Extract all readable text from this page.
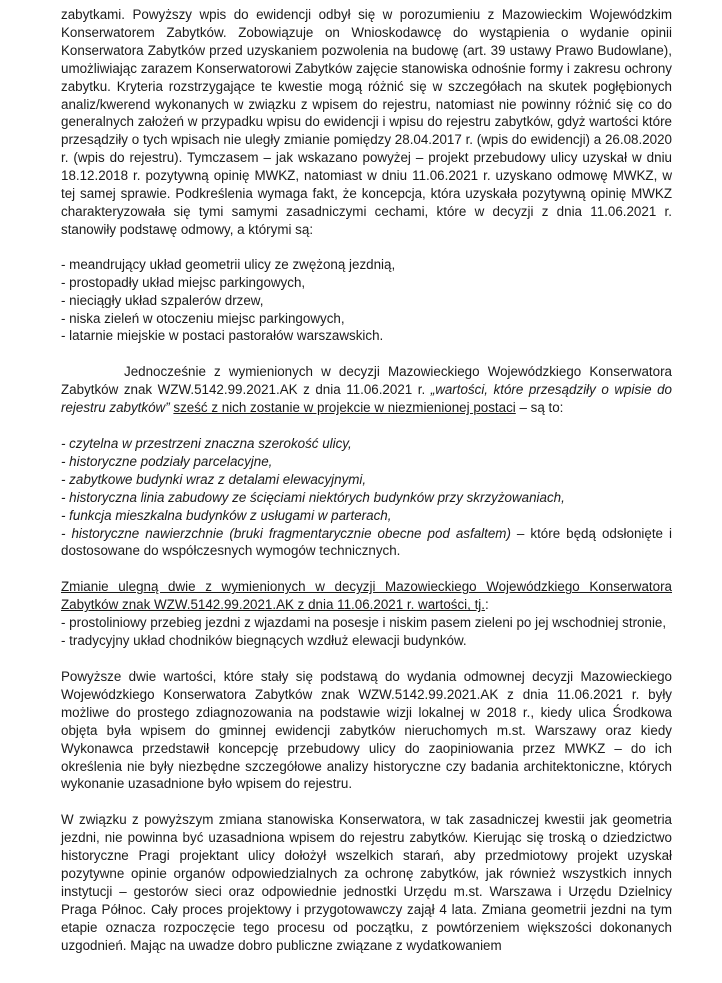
zabytkami. Powyższy wpis do ewidencji odbył się w porozumieniu z Mazowieckim Wojewódzkim Konserwatorem Zabytków. Zobowiązuje on Wnioskodawcę do wystąpienia o wydanie opinii Konserwatora Zabytków przed uzyskaniem pozwolenia na budowę (art. 39 ustawy Prawo Budowlane), umożliwiając zarazem Konserwatorowi Zabytków zajęcie stanowiska odnośnie formy i zakresu ochrony zabytku. Kryteria rozstrzygające te kwestie mogą różnić się w szczegółach na skutek pogłębionych analiz/kwerend wykonanych w związku z wpisem do rejestru, natomiast nie powinny różnić się co do generalnych założeń w przypadku wpisu do ewidencji i wpisu do rejestru zabytków, gdyż wartości które przesądziły o tych wpisach nie uległy zmianie pomiędzy 28.04.2017 r. (wpis do ewidencji) a 26.08.2020 r. (wpis do rejestru). Tymczasem – jak wskazano powyżej – projekt przebudowy ulicy uzyskał w dniu 18.12.2018 r. pozytywną opinię MWKZ, natomiast w dniu 11.06.2021 r. uzyskano odmowę MWKZ, w tej samej sprawie. Podkreślenia wymaga fakt, że koncepcja, która uzyskała pozytywną opinię MWKZ charakteryzowała się tymi samymi zasadniczymi cechami, które w decyzji z dnia 11.06.2021 r. stanowiły podstawę odmowy, a którymi są:

- meandrujący układ geometrii ulicy ze zwężoną jezdnią,
- prostopadły układ miejsc parkingowych,
- nieciągły układ szpalerów drzew,
- niska zieleń w otoczeniu miejsc parkingowych,
- latarnie miejskie w postaci pastorałów warszawskich.

Jednocześnie z wymienionych w decyzji Mazowieckiego Wojewódzkiego Konserwatora Zabytków znak WZW.5142.99.2021.AK z dnia 11.06.2021 r. „wartości, które przesądziły o wpisie do rejestru zabytków” sześć z nich zostanie w projekcie w niezmienionej postaci – są to:

- czytelna w przestrzeni znaczna szerokość ulicy,
- historyczne podziały parcelacyjne,
- zabytkowe budynki wraz z detalami elewacyjnymi,
- historyczna linia zabudowy ze ścięciami niektórych budynków przy skrzyżowaniach,
- funkcja mieszkalna budynków z usługami w parterach,

- historyczne nawierzchnie (bruki fragmentarycznie obecne pod asfaltem) – które będą odsłonięte i dostosowane do współczesnych wymogów technicznych.

Zmianie ulegną dwie z wymienionych w decyzji Mazowieckiego Wojewódzkiego Konserwatora Zabytków znak WZW.5142.99.2021.AK z dnia 11.06.2021 r. wartości, tj.:

- prostoliniowy przebieg jezdni z wjazdami na posesje i niskim pasem zieleni po jej wschodniej stronie,
- tradycyjny układ chodników biegnących wzdłuż elewacji budynków.

Powyższe dwie wartości, które stały się podstawą do wydania odmownej decyzji Mazowieckiego Wojewódzkiego Konserwatora Zabytków znak WZW.5142.99.2021.AK z dnia 11.06.2021 r. były możliwe do prostego zdiagnozowania na podstawie wizji lokalnej w 2018 r., kiedy ulica Środkowa objęta była wpisem do gminnej ewidencji zabytków nieruchomych m.st. Warszawy oraz kiedy Wykonawca przedstawił koncepcję przebudowy ulicy do zaopiniowania przez MWKZ – do ich określenia nie były niezbędne szczegółowe analizy historyczne czy badania architektoniczne, których wykonanie uzasadnione było wpisem do rejestru.

W związku z powyższym zmiana stanowiska Konserwatora, w tak zasadniczej kwestii jak geometria jezdni, nie powinna być uzasadniona wpisem do rejestru zabytków. Kierując się troską o dziedzictwo historyczne Pragi projektant ulicy dołożył wszelkich starań, aby przedmiotowy projekt uzyskał pozytywne opinie organów odpowiedzialnych za ochronę zabytków, jak również wszystkich innych instytucji – gestorów sieci oraz odpowiednie jednostki Urzędu m.st. Warszawa i Urzędu Dzielnicy Praga Północ. Cały proces projektowy i przygotowawczy zajął 4 lata. Zmiana geometrii jezdni na tym etapie oznacza rozpoczęcie tego procesu od początku, z powtórzeniem większości dokonanych uzgodnień. Mając na uwadze dobro publiczne związane z wydatkowaniem
